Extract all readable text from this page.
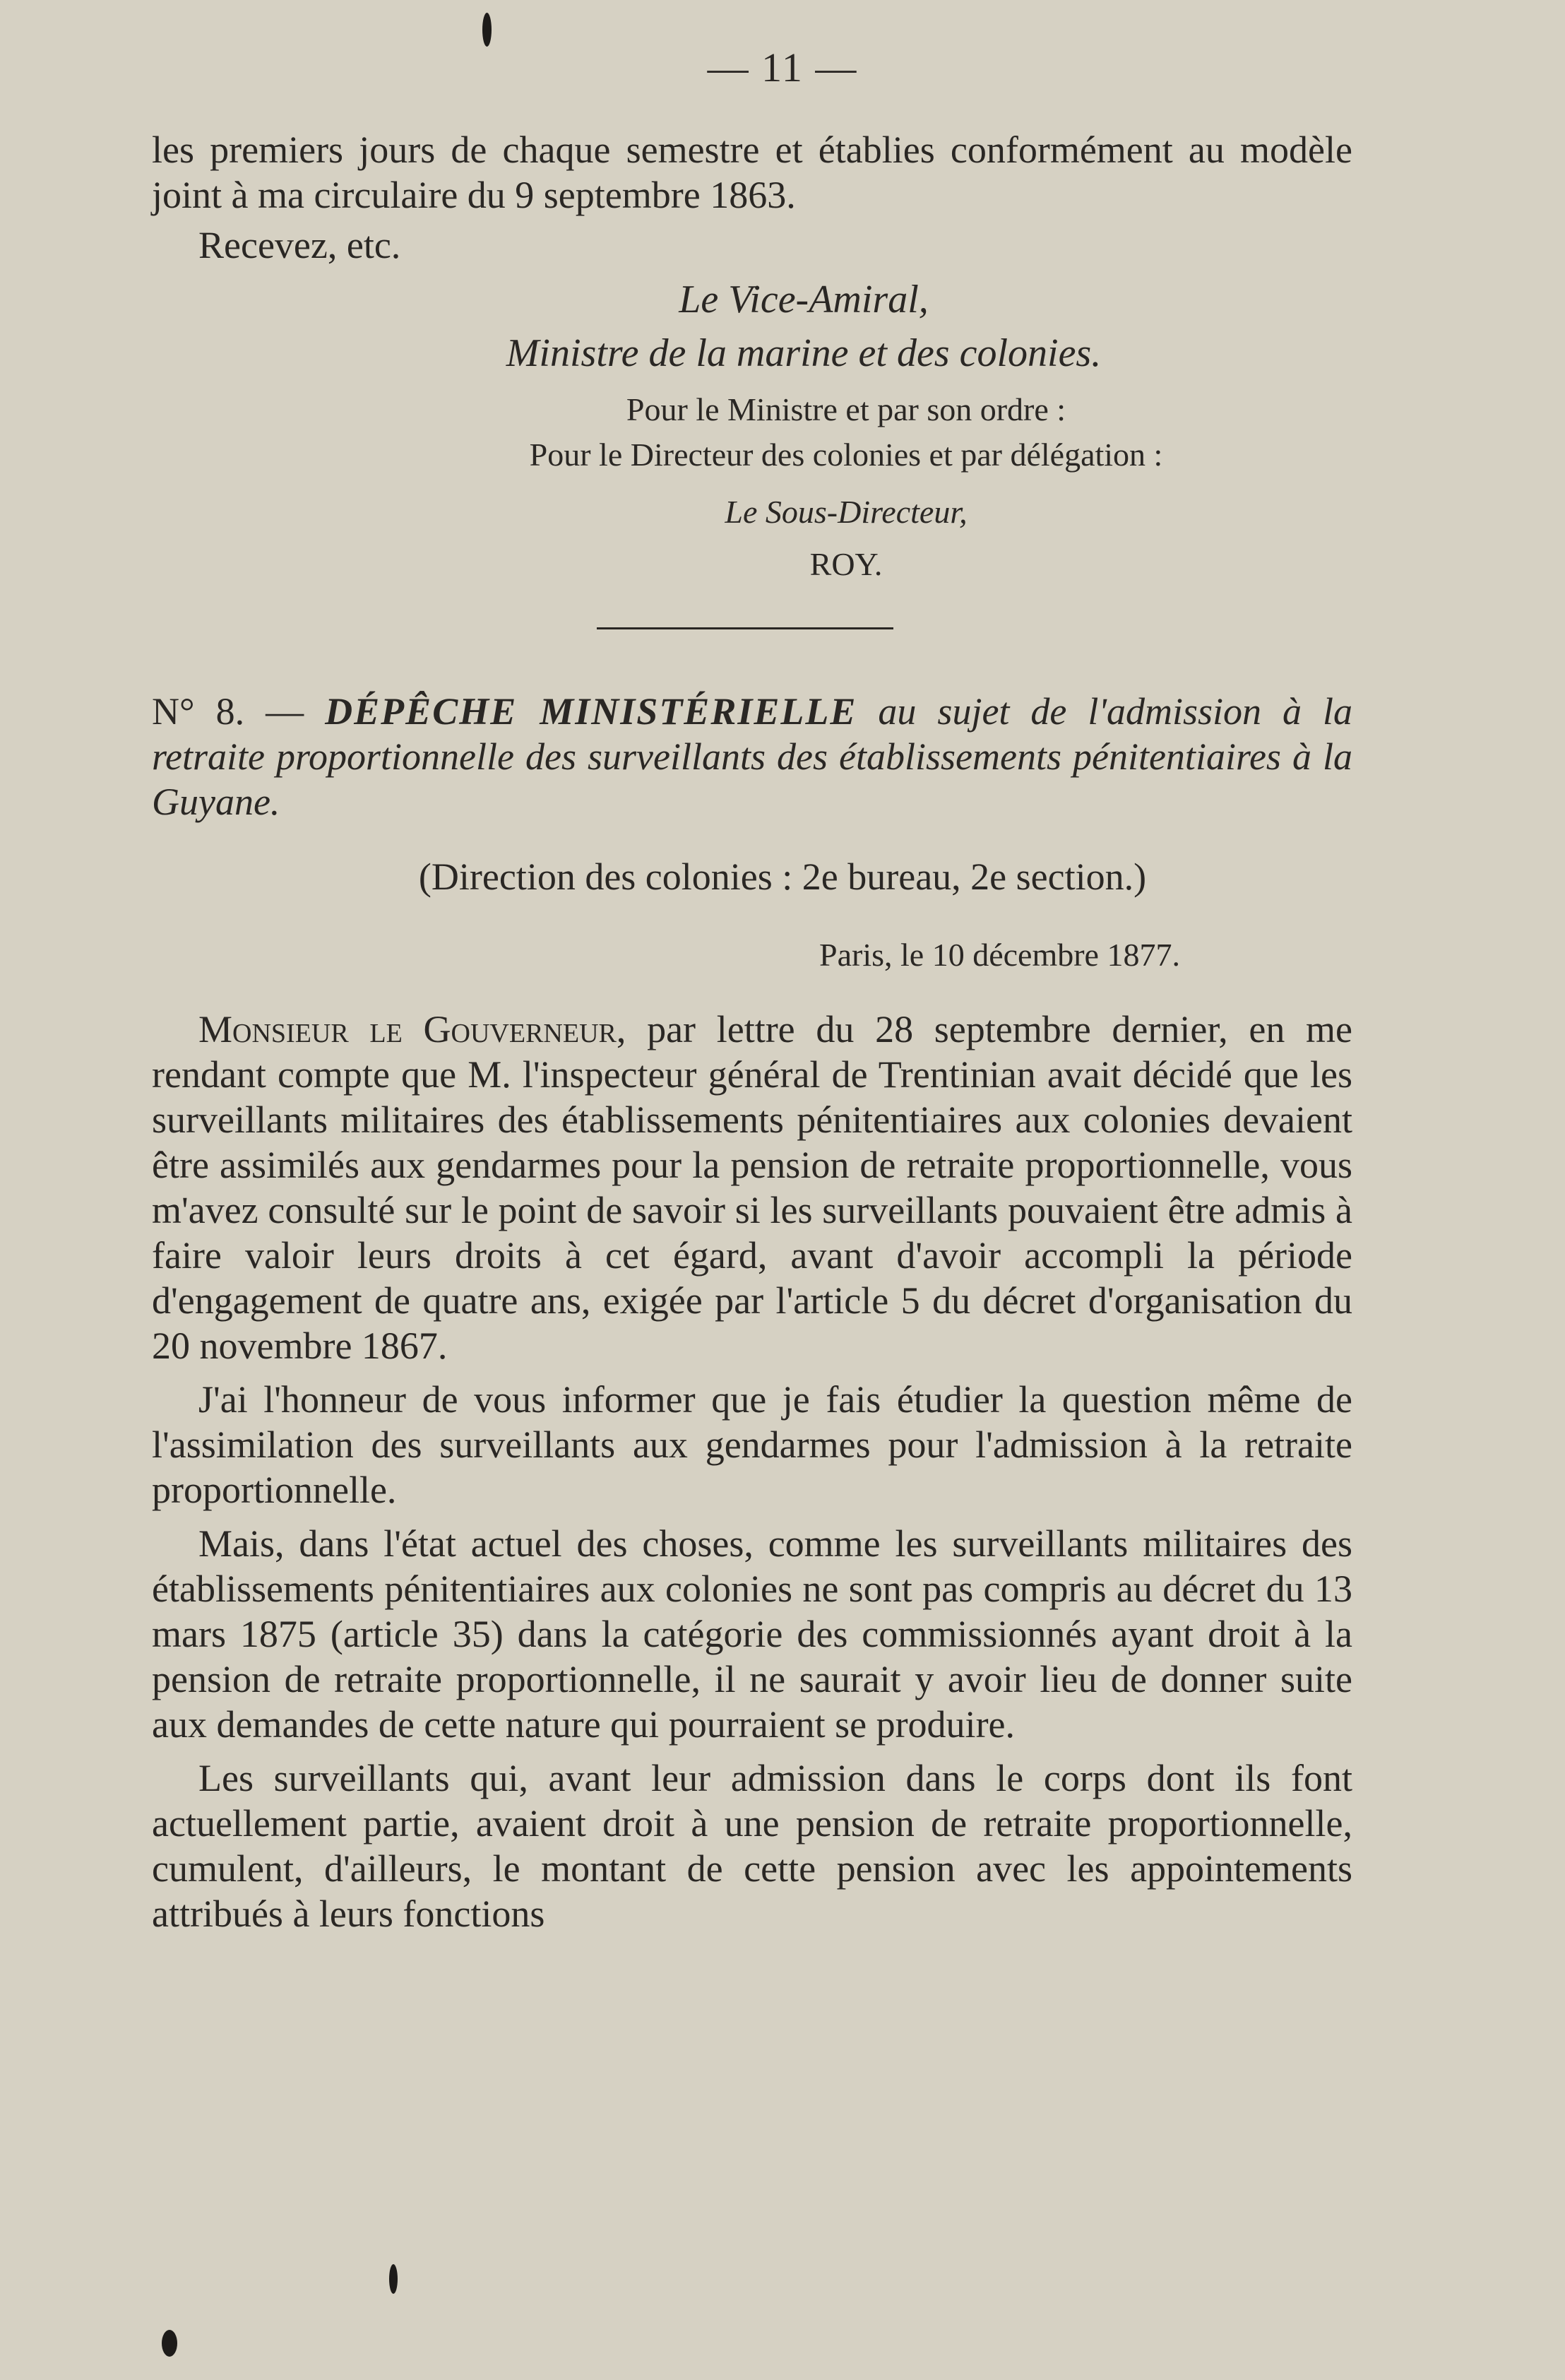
— 11 —

les premiers jours de chaque semestre et établies conformément au modèle joint à ma circulaire du 9 septembre 1863.

Recevez, etc.

Le Vice-Amiral,
Ministre de la marine et des colonies.
Pour le Ministre et par son ordre :
Pour le Directeur des colonies et par délégation :
Le Sous-Directeur,
ROY.
N° 8. — DÉPÊCHE MINISTÉRIELLE au sujet de l'admission à la retraite proportionnelle des surveillants des établissements pénitentiaires à la Guyane.
(Direction des colonies : 2e bureau, 2e section.)
Paris, le 10 décembre 1877.

Monsieur le Gouverneur, par lettre du 28 septembre dernier, en me rendant compte que M. l'inspecteur général de Trentinian avait décidé que les surveillants militaires des établissements pénitentiaires aux colonies devaient être assimilés aux gendarmes pour la pension de retraite proportionnelle, vous m'avez consulté sur le point de savoir si les surveillants pouvaient être admis à faire valoir leurs droits à cet égard, avant d'avoir accompli la période d'engagement de quatre ans, exigée par l'article 5 du décret d'organisation du 20 novembre 1867.

J'ai l'honneur de vous informer que je fais étudier la question même de l'assimilation des surveillants aux gendarmes pour l'admission à la retraite proportionnelle.

Mais, dans l'état actuel des choses, comme les surveillants militaires des établissements pénitentiaires aux colonies ne sont pas compris au décret du 13 mars 1875 (article 35) dans la catégorie des commissionnés ayant droit à la pension de retraite proportionnelle, il ne saurait y avoir lieu de donner suite aux demandes de cette nature qui pourraient se produire.

Les surveillants qui, avant leur admission dans le corps dont ils font actuellement partie, avaient droit à une pension de retraite proportionnelle, cumulent, d'ailleurs, le montant de cette pension avec les appointements attribués à leurs fonctions
